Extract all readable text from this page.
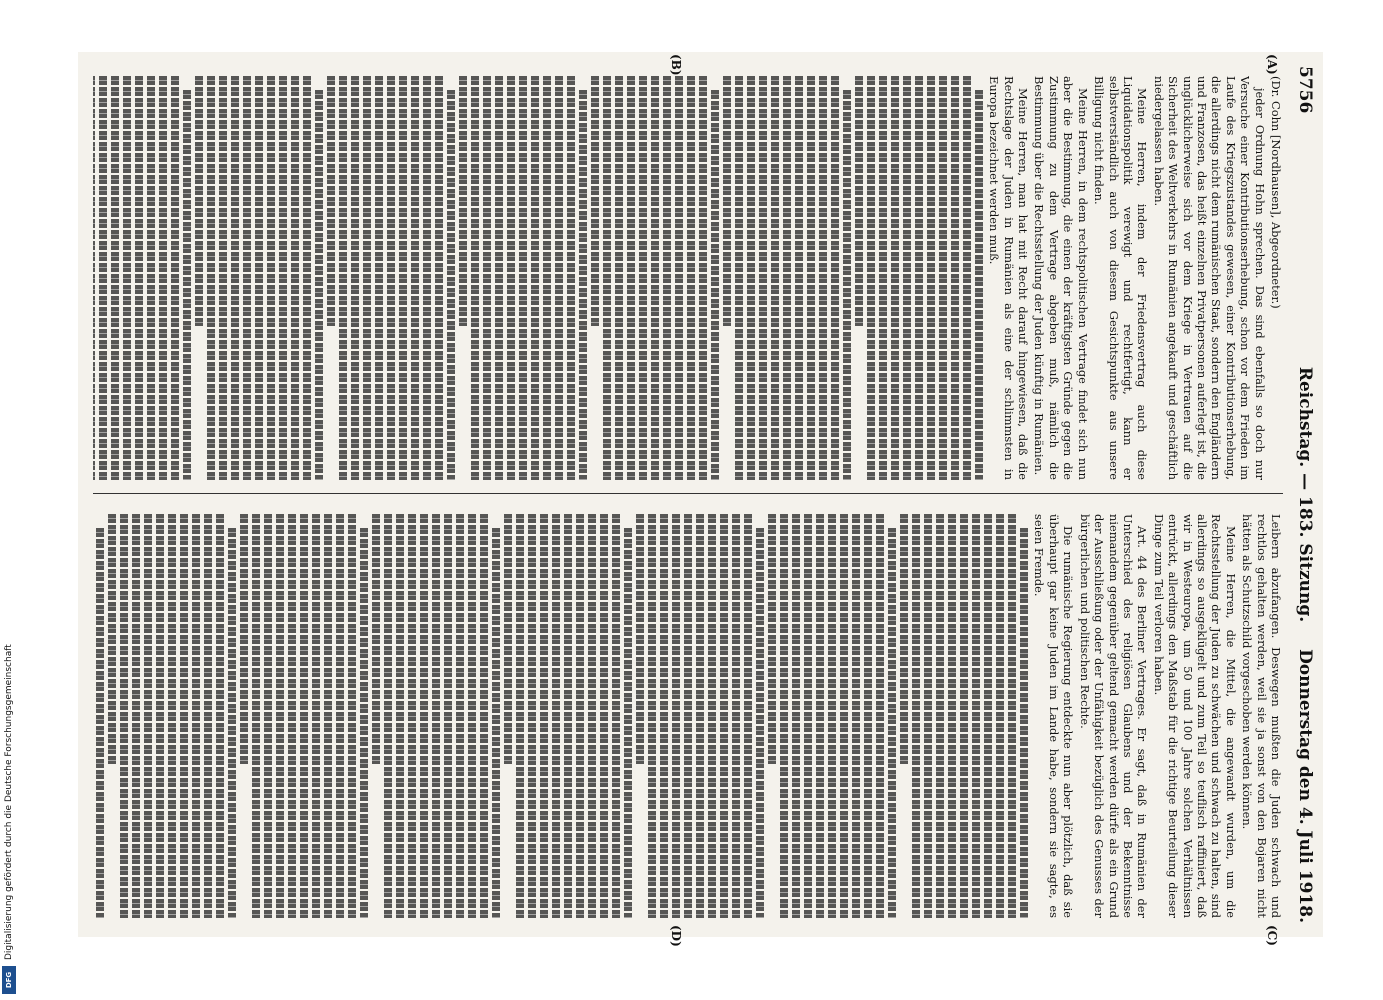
5756
Reichstag. — 183. Sitzung.
Donnerstag den 4. Juli 1918.
(A)
(B)
(C)
(D)

(Dr. Cohn [Nordhausen], Abgeordneter.)

jeder Ordnung Hohn sprechen. Das sind ebenfalls so doch nur Versuche einer Kontributionserhebung, schon vor dem Frieden im Laufe des Kriegszustandes gewesen, einer Kontributionserhebung, die allerdings nicht dem rumänischen Staat, sondern den Engländern und Franzosen, das heißt einzelnen Privatpersonen auferlegt ist, die unglücklicherweise sich vor dem Kriege in Vertrauen auf die Sicherheit des Weltverkehrs in Rumänien angekauft und geschäftlich niedergelassen haben.

Meine Herren, indem der Friedensvertrag auch diese Liquidationspolitik verewigt und rechtfertigt, kann er selbstverständlich auch von diesem Gesichtspunkte aus unsere Billigung nicht finden.

Meine Herren, in dem rechtspolitischen Vertrage findet sich nun aber die Bestimmung, die einen der kräftigsten Gründe gegen die Zustimmung zu dem Vertrage abgeben muß, nämlich die Bestimmung über die Rechtsstellung der Juden künftig in Rumänien.

Meine Herren, man hat mit Recht darauf hingewiesen, daß die Rechtslage der Juden in Rumänien als eine der schlimmsten in Europa bezeichnet werden muß.

Leibern abzufangen. Deswegen mußten die Juden schwach und rechtlos gehalten werden, weil sie ja sonst von den Bojaren nicht hätten als Schutzschild vorgeschoben werden können.

Meine Herren, die Mittel, die angewandt wurden, um die Rechtsstellung der Juden zu schwächen und schwach zu halten, sind allerdings so ausgeklügelt und zum Teil so teuflisch raffiniert, daß wir in Westeuropa, um 50 und 100 Jahre solchen Verhältnissen entrückt, allerdings den Maßstab für die richtige Beurteilung dieser Dinge zum Teil verloren haben.

Art. 44 des Berliner Vertrages. Er sagt, daß in Rumänien der Unterschied des religiösen Glaubens und der Bekenntnisse niemandem gegenüber geltend gemacht werden dürfe als ein Grund der Ausschließung oder der Unfähigkeit bezüglich des Genusses der bürgerlichen und politischen Rechte.

Die rumänische Regierung entdeckte nun aber plötzlich, daß sie überhaupt gar keine Juden im Lande habe, sondern sie sagte, es seien Fremde.

Digitalisierung gefördert durch die Deutsche Forschungsgemeinschaft
DFG
